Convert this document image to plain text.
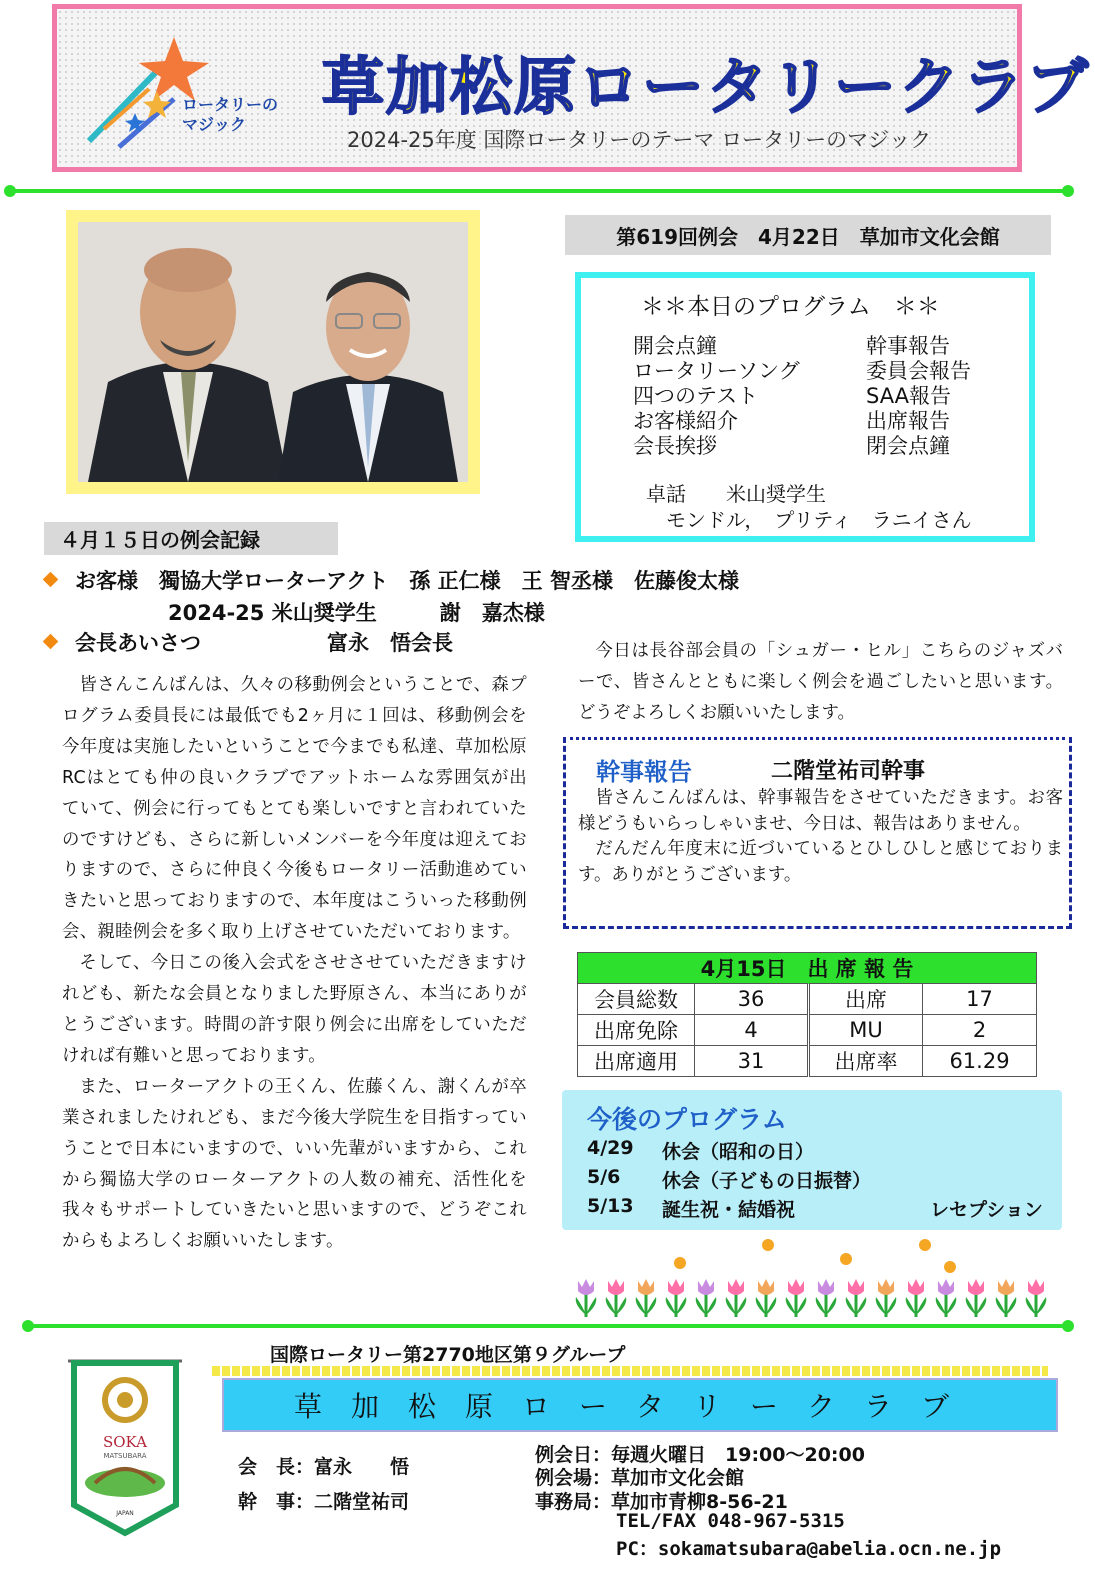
ロータリーの
マジック
草加松原ロータリークラブ
2024-25年度 国際ロータリーのテーマ ロータリーのマジック
第619回例会　4月22日　草加市文化会館
＊＊本日のプログラム　＊＊
開会点鐘
ロータリーソング
四つのテスト
お客様紹介
会長挨拶
幹事報告
委員会報告
SAA報告
出席報告
閉会点鐘
卓話　　米山奨学生
モンドル，　プリティ　ラニイさん
４月１５日の例会記録
お客様　獨協大学ローターアクト　孫 正仁様　王 智丞様　佐藤俊太様
2024-25 米山奨学生　　　謝　嘉杰様
会長あいさつ　　　　　　富永　悟会長

皆さんこんばんは、久々の移動例会ということで、森プログラム委員長には最低でも2ヶ月に１回は、移動例会を今年度は実施したいということで今までも私達、草加松原RCはとても仲の良いクラブでアットホームな雰囲気が出ていて、例会に行ってもとても楽しいですと言われていたのですけども、さらに新しいメンバーを今年度は迎えておりますので、さらに仲良く今後もロータリー活動進めていきたいと思っておりますので、本年度はこういった移動例会、親睦例会を多く取り上げさせていただいております。

そして、今日この後入会式をさせさせていただきますけれども、新たな会員となりました野原さん、本当にありがとうございます。時間の許す限り例会に出席をしていただければ有難いと思っております。

また、ローターアクトの王くん、佐藤くん、謝くんが卒業されましたけれども、まだ今後大学院生を目指すっていうことで日本にいますので、いい先輩がいますから、これから獨協大学のローターアクトの人数の補充、活性化を我々もサポートしていきたいと思いますので、どうぞこれからもよろしくお願いいたします。

今日は長谷部会員の「シュガー・ヒル」こちらのジャズバーで、皆さんとともに楽しく例会を過ごしたいと思います。どうぞよろしくお願いいたします。

幹事報告	二階堂祐司幹事

皆さんこんばんは、幹事報告をさせていただきます。お客様どうもいらっしゃいませ、今日は、報告はありません。

だんだん年度末に近づいているとひしひしと感じております。ありがとうございます。

4月15日　出 席 報 告			
会員総数	36	出席	17
出席免除	4	MU	2
出席適用	31	出席率	61.29
今後のプログラム
4/29 休会（昭和の日）
5/6 休会（子どもの日振替）
5/13 誕生祝・結婚祝	レセプション
国際ロータリー第2770地区第９グループ
草加松原ロータリークラブ
SOKA
MATSUBARA
JAPAN
会　長：富永　　悟
幹　事：二階堂祐司
例会日：毎週火曜日　19:00～20:00
例会場：草加市文化会館
事務局：草加市青柳8-56-21
TEL/FAX 048-967-5315
PC：sokamatsubara@abelia.ocn.ne.jp
